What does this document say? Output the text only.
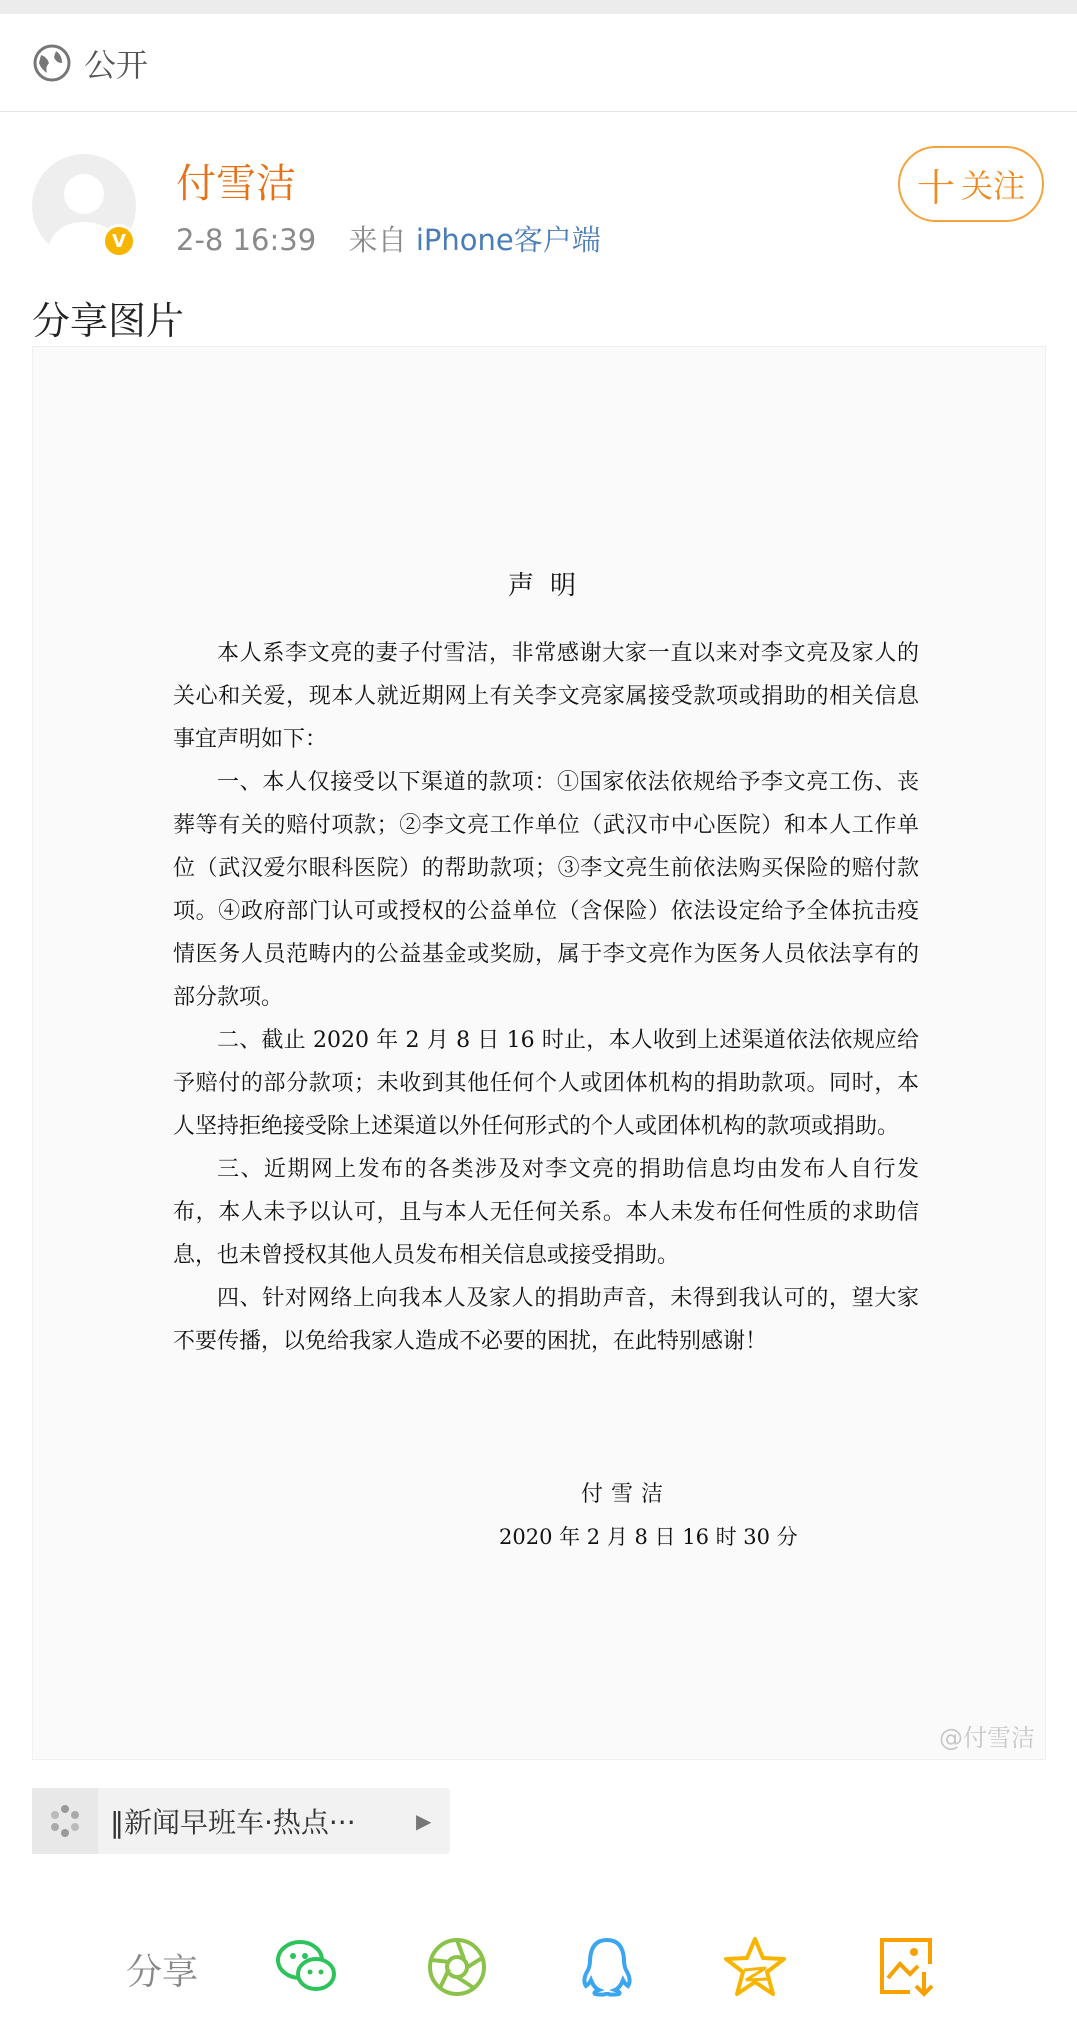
公开
V
付雪洁
2-8 16:39 来自 iPhone客户端
十 关注
分享图片
声明

本人系李文亮的妻子付雪洁，非常感谢大家一直以来对李文亮及家人的关心和关爱，现本人就近期网上有关李文亮家属接受款项或捐助的相关信息事宜声明如下：

一、本人仅接受以下渠道的款项：①国家依法依规给予李文亮工伤、丧葬等有关的赔付项款；②李文亮工作单位（武汉市中心医院）和本人工作单位（武汉爱尔眼科医院）的帮助款项；③李文亮生前依法购买保险的赔付款项。④政府部门认可或授权的公益单位（含保险）依法设定给予全体抗击疫情医务人员范畴内的公益基金或奖励，属于李文亮作为医务人员依法享有的部分款项。

二、截止 2020 年 2 月 8 日 16 时止，本人收到上述渠道依法依规应给予赔付的部分款项；未收到其他任何个人或团体机构的捐助款项。同时，本人坚持拒绝接受除上述渠道以外任何形式的个人或团体机构的款项或捐助。

三、近期网上发布的各类涉及对李文亮的捐助信息均由发布人自行发布，本人未予以认可，且与本人无任何关系。本人未发布任何性质的求助信息，也未曾授权其他人员发布相关信息或接受捐助。

四、针对网络上向我本人及家人的捐助声音，未得到我认可的，望大家不要传播，以免给我家人造成不必要的困扰，在此特别感谢！

付雪洁
2020 年 2 月 8 日 16 时 30 分
@付雪洁
‖新闻早班车·热点···	▶
分享
